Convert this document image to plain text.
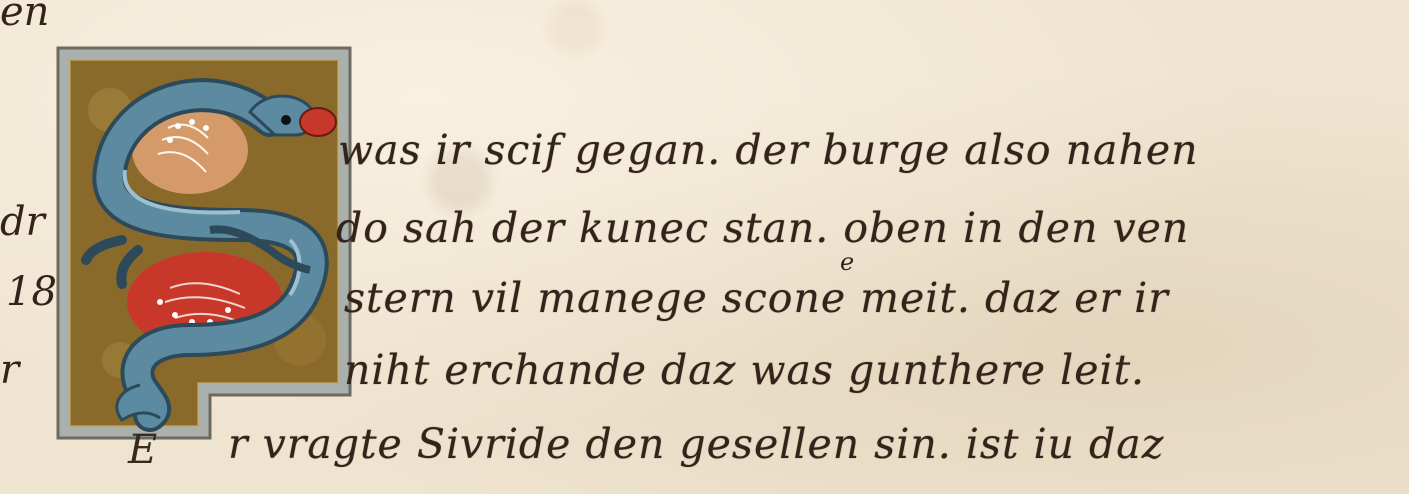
en
dr
18
r
was ir scif gegan. der burge also nahen
do sah der kunec stan. oben in den ven
e
stern vil manege scone meit. daz er ir
niht erchande daz was gunthere leit.
E r vragte Sivride den gesellen sin. ist iu daz
